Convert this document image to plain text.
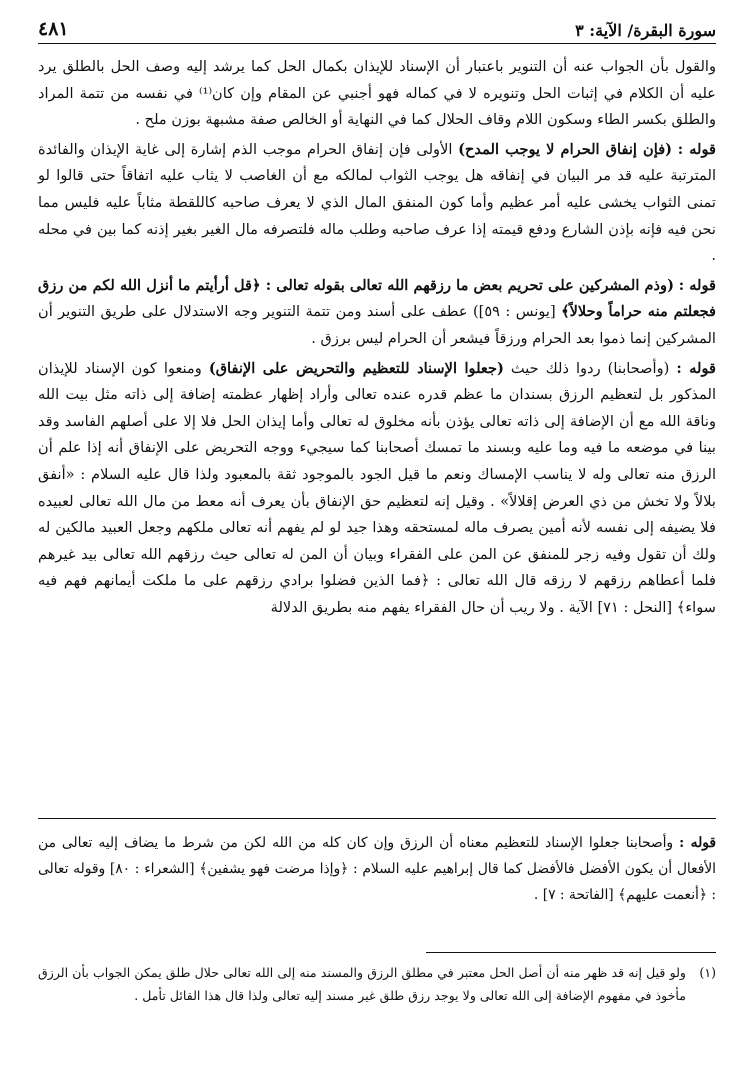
سورة البقرة/ الآية: ٣
٤٨١

والقول بأن الجواب عنه أن التنوير باعتبار أن الإسناد للإيذان بكمال الحل كما يرشد إليه وصف الحل بالطلق يرد عليه أن الكلام في إثبات الحل وتنويره لا في كماله فهو أجنبي عن المقام وإن كان⁽¹⁾ في نفسه من تتمة المراد والطلق بكسر الطاء وسكون اللام وقاف الحلال كما في النهاية أو الخالص صفة مشبهة بوزن ملح .

قوله : (فإن إنفاق الحرام لا يوجب المدح) الأولى فإن إنفاق الحرام موجب الذم إشارة إلى غاية الإيذان والفائدة المترتبة عليه قد مر البيان في إنفاقه هل يوجب الثواب لمالكه مع أن الغاصب لا يثاب عليه اتفاقاً حتى قالوا لو تمنى الثواب يخشى عليه أمر عظيم وأما كون المنفق المال الذي لا يعرف صاحبه كاللقطة مثاباً عليه فليس مما نحن فيه فإنه بإذن الشارع ودفع قيمته إذا عرف صاحبه وطلب ماله فلتصرفه مال الغير بغير إذنه كما بين في محله .

قوله : (وذم المشركين على تحريم بعض ما رزقهم الله تعالى بقوله تعالى : ﴿قل أرأيتم ما أنزل الله لكم من رزق فجعلتم منه حراماً وحلالاً﴾ [يونس : ٥٩]) عطف على أسند ومن تتمة التنوير وجه الاستدلال على طريق التنوير أن المشركين إنما ذموا بعد الحرام ورزقاً فيشعر أن الحرام ليس برزق .

قوله : (وأصحابنا) ردوا ذلك حيث (جعلوا الإسناد للتعظيم والتحريض على الإنفاق) ومنعوا كون الإسناد للإيذان المذكور بل لتعظيم الرزق بسندان ما عظم قدره عنده تعالى وأراد إظهار عظمته إضافة إلى ذاته مثل بيت الله وناقة الله مع أن الإضافة إلى ذاته تعالى يؤذن بأنه مخلوق له تعالى وأما إيذان الحل فلا إلا على أصلهم الفاسد وقد بينا في موضعه ما فيه وما عليه وبسند ما تمسك أصحابنا كما سيجيء ووجه التحريض على الإنفاق أنه إذا علم أن الرزق منه تعالى وله لا يناسب الإمساك ونعم ما قيل الجود بالموجود ثقة بالمعبود ولذا قال عليه السلام : «أنفق بلالاً ولا تخش من ذي العرض إقلالاً» . وقيل إنه لتعظيم حق الإنفاق بأن يعرف أنه معط من مال الله تعالى لعبيده فلا يضيفه إلى نفسه لأنه أمين يصرف ماله لمستحقه وهذا جيد لو لم يفهم أنه تعالى ملكهم وجعل العبيد مالكين له ولك أن تقول وفيه زجر للمنفق عن المن على الفقراء وبيان أن المن له تعالى حيث رزقهم الله تعالى بيد غيرهم فلما أعطاهم رزقهم لا رزقه قال الله تعالى : ﴿فما الذين فضلوا برادي رزقهم على ما ملكت أيمانهم فهم فيه سواء﴾ [النحل : ٧١] الآية . ولا ريب أن حال الفقراء يفهم منه بطريق الدلالة

قوله : وأصحابنا جعلوا الإسناد للتعظيم معناه أن الرزق وإن كان كله من الله لكن من شرط ما يضاف إليه تعالى من الأفعال أن يكون الأفضل فالأفضل كما قال إبراهيم عليه السلام : ﴿وإذا مرضت فهو يشفين﴾ [الشعراء : ٨٠] وقوله تعالى : ﴿أنعمت عليهم﴾ [الفاتحة : ٧] .

(١)
ولو قيل إنه قد ظهر منه أن أصل الحل معتبر في مطلق الرزق والمسند منه إلى الله تعالى حلال طلق يمكن الجواب بأن الرزق مأخوذ في مفهوم الإضافة إلى الله تعالى ولا يوجد رزق طلق غير مسند إليه تعالى ولذا قال هذا القائل تأمل .
